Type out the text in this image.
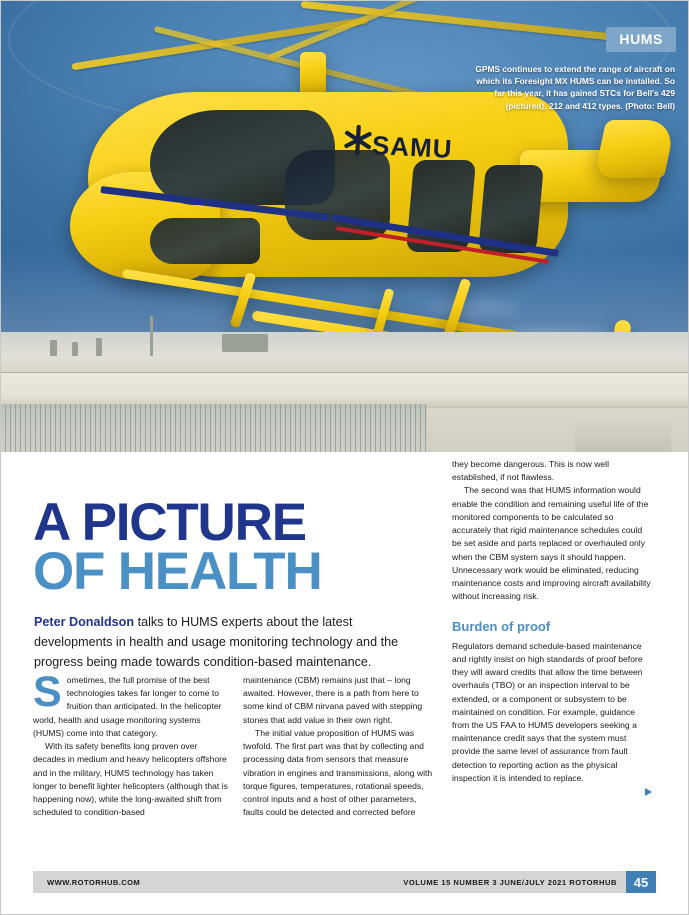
SAMU
HUMS
GPMS continues to extend the range of aircraft on which its Foresight MX HUMS can be installed. So far this year, it has gained STCs for Bell's 429 (pictured), 212 and 412 types. (Photo: Bell)
A PICTURE
OF HEALTH

Peter Donaldson talks to HUMS experts about the latest developments in health and usage monitoring technology and the progress being made towards condition-based maintenance.

Sometimes, the full promise of the best technologies takes far longer to come to fruition than anticipated. In the helicopter world, health and usage monitoring systems (HUMS) come into that category.

With its safety benefits long proven over decades in medium and heavy helicopters offshore and in the military, HUMS technology has taken longer to benefit lighter helicopters (although that is happening now), while the long-awaited shift from scheduled to condition-based

maintenance (CBM) remains just that – long awaited. However, there is a path from here to some kind of CBM nirvana paved with stepping stones that add value in their own right.

The initial value proposition of HUMS was twofold. The first part was that by collecting and processing data from sensors that measure vibration in engines and transmissions, along with torque figures, temperatures, rotational speeds, control inputs and a host of other parameters, faults could be detected and corrected before

they become dangerous. This is now well established, if not flawless.

The second was that HUMS information would enable the condition and remaining useful life of the monitored components to be calculated so accurately that rigid maintenance schedules could be set aside and parts replaced or overhauled only when the CBM system says it should happen. Unnecessary work would be eliminated, reducing maintenance costs and improving aircraft availability without increasing risk.

Burden of proof

Regulators demand schedule-based maintenance and rightly insist on high standards of proof before they will award credits that allow the time between overhauls (TBO) or an inspection interval to be extended, or a component or subsystem to be maintained on condition. For example, guidance from the US FAA to HUMS developers seeking a maintenance credit says that the system must provide the same level of assurance from fault detection to reporting action as the physical inspection it is intended to replace.

WWW.ROTORHUB.COM	VOLUME 15 NUMBER 3 JUNE/JULY 2021 ROTORHUB	45
